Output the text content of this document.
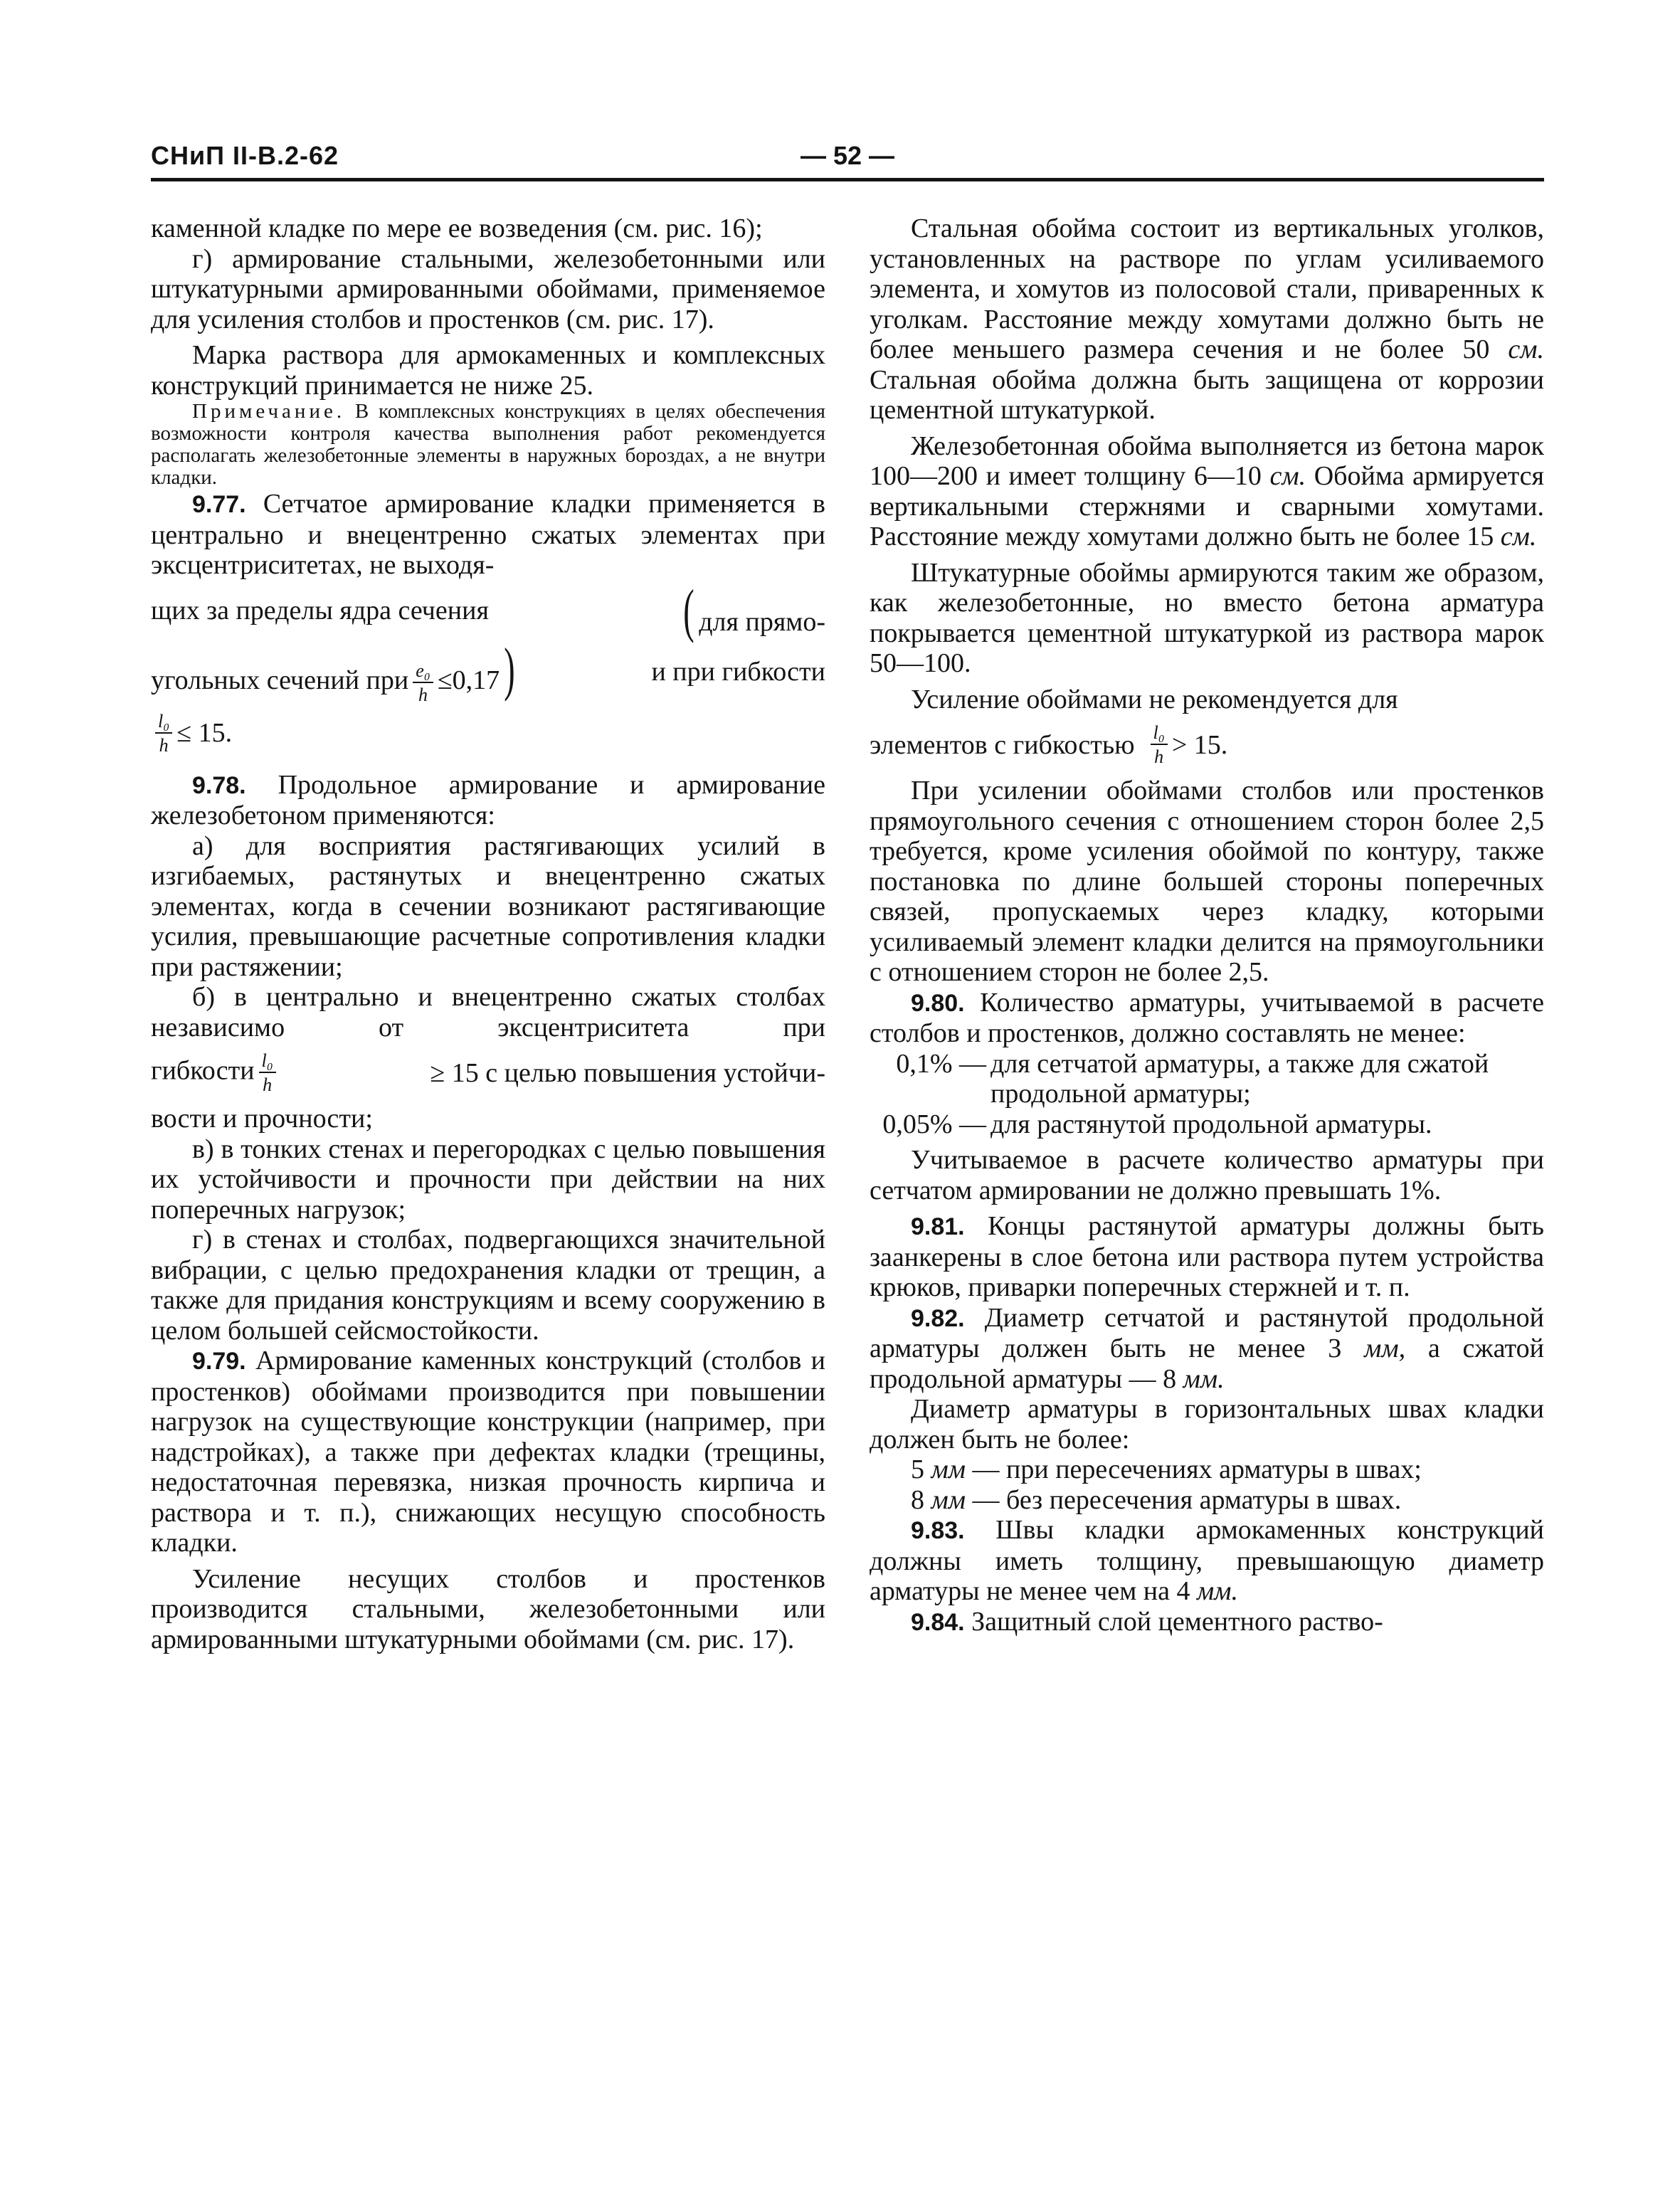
СНиП II-В.2-62	— 52 —

каменной кладке по мере ее возведения (см. рис. 16);

г) армирование стальными, железобетонными или штукатурными армированными обоймами, применяемое для усиления столбов и простенков (см. рис. 17).

Марка раствора для армокаменных и комплексных конструкций принимается не ниже 25.

Примечание. В комплексных конструкциях в целях обеспечения возможности контроля качества выполнения работ рекомендуется располагать железобетонные элементы в наружных бороздах, а не внутри кладки.

9.77. Сетчатое армирование кладки применяется в центрально и внецентренно сжатых элементах при эксцентриситетах, не выходя-

щих за пределы ядра сечения	( для прямо-
угольных сечений при $\frac{\text{e₀}}{h} \le 0,17$)	и при гибкости
$\frac{\text{l₀}}{h} \le 15$.

9.78. Продольное армирование и армирование железобетоном применяются:

а) для восприятия растягивающих усилий в изгибаемых, растянутых и внецентренно сжатых элементах, когда в сечении возникают растягивающие усилия, превышающие расчетные сопротивления кладки при растяжении;

б) в центрально и внецентренно сжатых столбах независимо от эксцентриситета при

гибкости $\frac{\text{l₀}}{h}$	≥ 15 с целью повышения устойчи-

вости и прочности;

в) в тонких стенах и перегородках с целью повышения их устойчивости и прочности при действии на них поперечных нагрузок;

г) в стенах и столбах, подвергающихся значительной вибрации, с целью предохранения кладки от трещин, а также для придания конструкциям и всему сооружению в целом большей сейсмостойкости.

9.79. Армирование каменных конструкций (столбов и простенков) обоймами производится при повышении нагрузок на существующие конструкции (например, при надстройках), а также при дефектах кладки (трещины, недостаточная перевязка, низкая прочность кирпича и раствора и т. п.), снижающих несущую способность кладки.

Усиление несущих столбов и простенков производится стальными, железобетонными или армированными штукатурными обоймами (см. рис. 17).

Стальная обойма состоит из вертикальных уголков, установленных на растворе по углам усиливаемого элемента, и хомутов из полосовой стали, приваренных к уголкам. Расстояние между хомутами должно быть не более меньшего размера сечения и не более 50 см. Стальная обойма должна быть защищена от коррозии цементной штукатуркой.

Железобетонная обойма выполняется из бетона марок 100—200 и имеет толщину 6—10 см. Обойма армируется вертикальными стержнями и сварными хомутами. Расстояние между хомутами должно быть не более 15 см.

Штукатурные обоймы армируются таким же образом, как железобетонные, но вместо бетона арматура покрывается цементной штукатуркой из раствора марок 50—100.

Усиление обоймами не рекомендуется для

элементов с гибкостью $\frac{\text{l₀}}{h} > 15$.

При усилении обоймами столбов или простенков прямоугольного сечения с отношением сторон более 2,5 требуется, кроме усиления обоймой по контуру, также постановка по длине большей стороны поперечных связей, пропускаемых через кладку, которыми усиливаемый элемент кладки делится на прямоугольники с отношением сторон не более 2,5.

9.80. Количество арматуры, учитываемой в расчете столбов и простенков, должно составлять не менее:

0,1% — для сетчатой арматуры, а также для сжатой продольной арматуры;
0,05% — для растянутой продольной арматуры.

Учитываемое в расчете количество арматуры при сетчатом армировании не должно превышать 1%.

9.81. Концы растянутой арматуры должны быть заанкерены в слое бетона или раствора путем устройства крюков, приварки поперечных стержней и т. п.

9.82. Диаметр сетчатой и растянутой продольной арматуры должен быть не менее 3 мм, а сжатой продольной арматуры — 8 мм.

Диаметр арматуры в горизонтальных швах кладки должен быть не более:

5 мм — при пересечениях арматуры в швах;

8 мм — без пересечения арматуры в швах.

9.83. Швы кладки армокаменных конструкций должны иметь толщину, превышающую диаметр арматуры не менее чем на 4 мм.

9.84. Защитный слой цементного раство-
